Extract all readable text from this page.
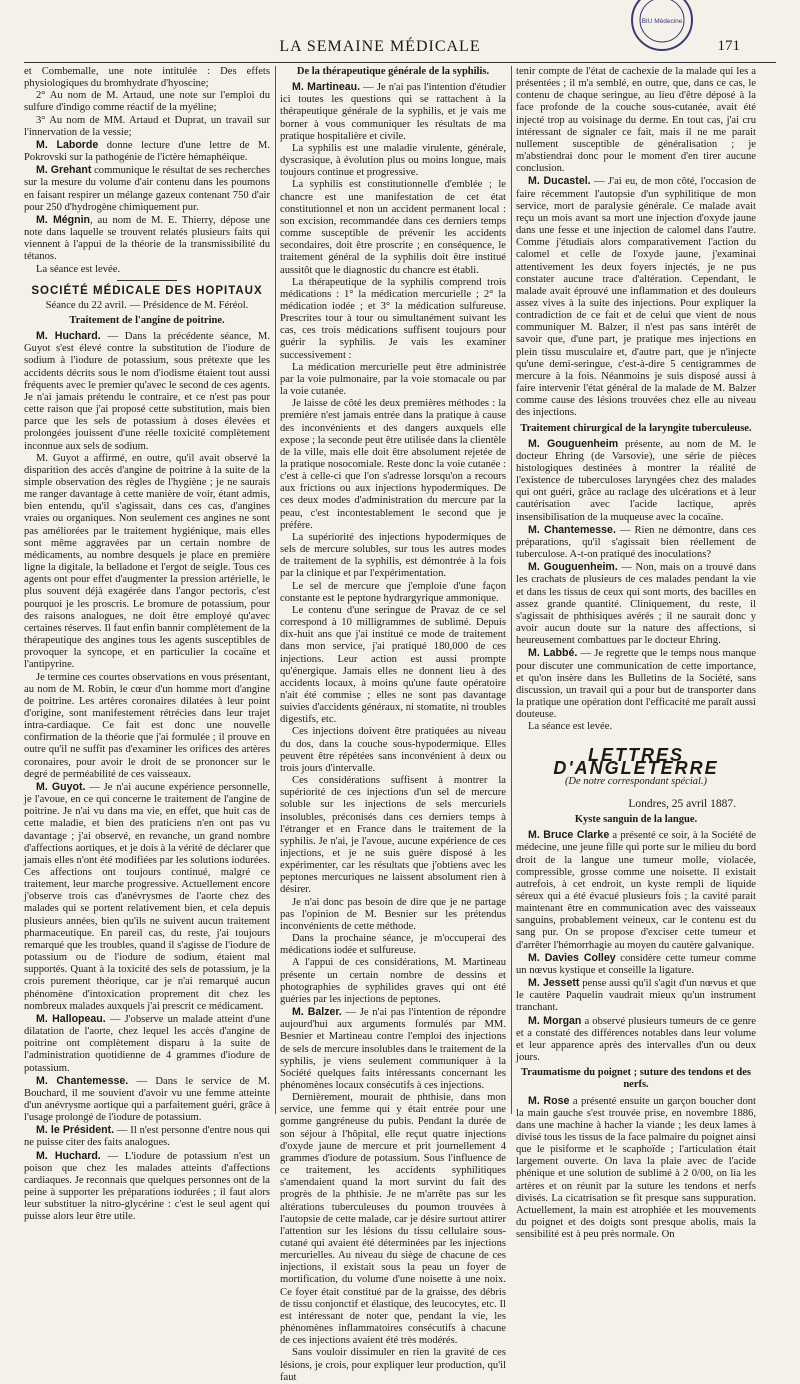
BIU Médecine
LA SEMAINE MÉDICALE	171

et Combemalle, une note intitulée : Des effets physiologiques du bromhydrate d'hyoscine;

2° Au nom de M. Artaud, une note sur l'emploi du sulfure d'indigo comme réactif de la myéline;

3° Au nom de MM. Artaud et Duprat, un travail sur l'innervation de la vessie;

M. Laborde donne lecture d'une lettre de M. Pokrovski sur la pathogénie de l'ictère hémaphéique.

M. Grehant communique le résultat de ses recherches sur la mesure du volume d'air contenu dans les poumons en faisant respirer un mélange gazeux contenant 750 d'air pour 250 d'hydrogène chimiquement pur.

M. Mégnin, au nom de M. E. Thierry, dépose une note dans laquelle se trouvent relatés plusieurs faits qui viennent à l'appui de la théorie de la transmissibilité du tétanos.

La séance est levée.

SOCIÉTÉ MÉDICALE DES HOPITAUX

Séance du 22 avril. — Présidence de M. Féréol.

Traitement de l'angine de poitrine.

M. Huchard. — Dans la précédente séance, M. Guyot s'est élevé contre la substitution de l'iodure de sodium à l'iodure de potassium, sous prétexte que les accidents décrits sous le nom d'iodisme étaient tout aussi fréquents avec le premier qu'avec le second de ces agents. Je n'ai jamais prétendu le contraire, et ce n'est pas pour cette raison que j'ai proposé cette substitution, mais bien parce que les sels de potassium à doses élevées et prolongées jouissent d'une réelle toxicité complètement inconnue aux sels de sodium.

M. Guyot a affirmé, en outre, qu'il avait observé la disparition des accès d'angine de poitrine à la suite de la simple observation des règles de l'hygiène ; je ne saurais me ranger davantage à cette manière de voir, étant admis, bien entendu, qu'il s'agissait, dans ces cas, d'angines vraies ou organiques. Non seulement ces angines ne sont pas améliorées par le traitement hygiénique, mais elles sont même aggravées par un certain nombre de médicaments, au nombre desquels je place en première ligne la digitale, la belladone et l'ergot de seigle. Tous ces agents ont pour effet d'augmenter la pression artérielle, le plus souvent déjà exagérée dans l'angor pectoris, c'est pourquoi je les proscris. Le bromure de potassium, pour des raisons analogues, ne doit être employé qu'avec certaines réserves. Il faut enfin bannir complètement de la thérapeutique des angines tous les agents susceptibles de provoquer la syncope, et en particulier la cocaïne et l'antipyrine.

Je termine ces courtes observations en vous présentant, au nom de M. Robin, le cœur d'un homme mort d'angine de poitrine. Les artères coronaires dilatées à leur point d'origine, sont manifestement rétrécies dans leur trajet intra-cardiaque. Ce fait est donc une nouvelle confirmation de la théorie que j'ai formulée ; il prouve en outre qu'il ne suffit pas d'examiner les orifices des artères coronaires, pour avoir le droit de se prononcer sur le degré de perméabilité de ces vaisseaux.

M. Guyot. — Je n'ai aucune expérience personnelle, je l'avoue, en ce qui concerne le traitement de l'angine de poitrine. Je n'ai vu dans ma vie, en effet, que huit cas de cette maladie, et bien des praticiens n'en ont pas vu davantage ; j'ai observé, en revanche, un grand nombre d'affections aortiques, et je dois à la vérité de déclarer que jamais elles n'ont été modifiées par les solutions iodurées. Ces affections ont toujours continué, malgré ce traitement, leur marche progressive. Actuellement encore j'observe trois cas d'anévrysmes de l'aorte chez des malades qui se portent relativement bien, et cela depuis plusieurs années, bien qu'ils ne suivent aucun traitement pharmaceutique. En pareil cas, du reste, j'ai toujours remarqué que les troubles, quand il s'agisse de l'iodure de potassium ou de l'iodure de sodium, étaient mal supportés. Quant à la toxicité des sels de potassium, je la crois purement théorique, car je n'ai remarqué aucun phénomène d'intoxication proprement dit chez les nombreux malades auxquels j'ai prescrit ce médicament.

M. Hallopeau. — J'observe un malade atteint d'une dilatation de l'aorte, chez lequel les accès d'angine de poitrine ont complètement disparu à la suite de l'administration quotidienne de 4 grammes d'iodure de potassium.

M. Chantemesse. — Dans le service de M. Bouchard, il me souvient d'avoir vu une femme atteinte d'un anévrysme aortique qui a parfaitement guéri, grâce à l'usage prolongé de l'iodure de potassium.

M. le Président. — Il n'est personne d'entre nous qui ne puisse citer des faits analogues.

M. Huchard. — L'iodure de potassium n'est un poison que chez les malades atteints d'affections cardiaques. Je reconnais que quelques personnes ont de la peine à supporter les préparations iodurées ; il faut alors leur substituer la nitro-glycérine : c'est le seul agent qui puisse alors leur être utile.

De la thérapeutique générale de la syphilis.

M. Martineau. — Je n'ai pas l'intention d'étudier ici toutes les questions qui se rattachent à la thérapeutique générale de la syphilis, et je vais me borner à vous communiquer les résultats de ma pratique hospitalière et civile.

La syphilis est une maladie virulente, générale, dyscrasique, à évolution plus ou moins longue, mais toujours continue et progressive.

La syphilis est constitutionnelle d'emblée ; le chancre est une manifestation de cet état constitutionnel et non un accident permanent local : son excision, recommandée dans ces derniers temps comme susceptible de prévenir les accidents secondaires, doit être proscrite ; en conséquence, le traitement général de la syphilis doit être institué aussitôt que le diagnostic du chancre est établi.

La thérapeutique de la syphilis comprend trois médications : 1° la médication mercurielle ; 2° la médication iodée ; et 3° la médication sulfureuse. Prescrites tour à tour ou simultanément suivant les cas, ces trois médications suffisent toujours pour guérir la syphilis. Je vais les examiner successivement :

La médication mercurielle peut être administrée par la voie pulmonaire, par la voie stomacale ou par la voie cutanée.

Je laisse de côté les deux premières méthodes : la première n'est jamais entrée dans la pratique à cause des inconvénients et des dangers auxquels elle expose ; la seconde peut être utilisée dans la clientèle de la ville, mais elle doit être absolument rejetée de la pratique nosocomiale. Reste donc la voie cutanée : c'est à celle-ci que l'on s'adresse lorsqu'on a recours aux frictions ou aux injections hypodermiques. De ces deux modes d'administration du mercure par la peau, c'est incontestablement le second que je préfère.

La supériorité des injections hypodermiques de sels de mercure solubles, sur tous les autres modes de traitement de la syphilis, est démontrée à la fois par la clinique et par l'expérimentation.

Le sel de mercure que j'emploie d'une façon constante est le peptone hydrargyrique ammonique.

Le contenu d'une seringue de Pravaz de ce sel correspond à 10 milligrammes de sublimé. Depuis dix-huit ans que j'ai institué ce mode de traitement dans mon service, j'ai pratiqué 180,000 de ces injections. Leur action est aussi prompte qu'énergique. Jamais elles ne donnent lieu à des accidents locaux, à moins qu'une faute opératoire n'ait été commise ; elles ne sont pas davantage suivies d'accidents généraux, ni stomatite, ni troubles digestifs, etc.

Ces injections doivent être pratiquées au niveau du dos, dans la couche sous-hypodermique. Elles peuvent être répétées sans inconvénient à deux ou trois jours d'intervalle.

Ces considérations suffisent à montrer la supériorité de ces injections d'un sel de mercure soluble sur les injections de sels mercuriels insolubles, préconisés dans ces derniers temps à l'étranger et en France dans le traitement de la syphilis. Je n'ai, je l'avoue, aucune expérience de ces injections, et je ne suis guère disposé à les expérimenter, car les résultats que j'obtiens avec les peptones mercuriques ne laissent absolument rien à désirer.

Je n'ai donc pas besoin de dire que je ne partage pas l'opinion de M. Besnier sur les prétendus inconvénients de cette méthode.

Dans la prochaine séance, je m'occuperai des médications iodée et sulfureuse.

A l'appui de ces considérations, M. Martineau présente un certain nombre de dessins et photographies de syphilides graves qui ont été guéries par les injections de peptones.

M. Balzer. — Je n'ai pas l'intention de répondre aujourd'hui aux arguments formulés par MM. Besnier et Martineau contre l'emploi des injections de sels de mercure insolubles dans le traitement de la syphilis, je viens seulement communiquer à la Société quelques faits intéressants concernant les phénomènes locaux consécutifs à ces injections.

Dernièrement, mourait de phthisie, dans mon service, une femme qui y était entrée pour une gomme gangréneuse du pubis. Pendant la durée de son séjour à l'hôpital, elle reçut quatre injections d'oxyde jaune de mercure et prit journellement 4 grammes d'iodure de potassium. Sous l'influence de ce traitement, les accidents syphilitiques s'amendaient quand la mort survint du fait des progrès de la phthisie. Je ne m'arrête pas sur les altérations tuberculeuses du poumon trouvées à l'autopsie de cette malade, car je désire surtout attirer l'attention sur les lésions du tissu cellulaire sous-cutané qui avaient été déterminées par les injections mercurielles. Au niveau du siège de chacune de ces injections, il existait sous la peau un foyer de mortification, du volume d'une noisette à une noix. Ce foyer était constitué par de la graisse, des débris de tissu conjonctif et élastique, des leucocytes, etc. Il est intéressant de noter que, pendant la vie, les phénomènes inflammatoires consécutifs à chacune de ces injections avaient été très modérés.

Sans vouloir dissimuler en rien la gravité de ces lésions, je crois, pour expliquer leur production, qu'il faut

tenir compte de l'état de cachexie de la malade qui les a présentées ; il m'a semblé, en outre, que, dans ce cas, le contenu de chaque seringue, au lieu d'être déposé à la face profonde de la couche sous-cutanée, avait été injecté trop au voisinage du derme. En tout cas, j'ai cru intéressant de signaler ce fait, mais il ne me parait nullement susceptible de généralisation ; je m'abstiendrai donc pour le moment d'en tirer aucune conclusion.

M. Ducastel. — J'ai eu, de mon côté, l'occasion de faire récemment l'autopsie d'un syphilitique de mon service, mort de paralysie générale. Ce malade avait reçu un mois avant sa mort une injection d'oxyde jaune dans une fesse et une injection de calomel dans l'autre. Comme j'étudiais alors comparativement l'action du calomel et celle de l'oxyde jaune, j'examinai attentivement les deux foyers injectés, je ne pus constater aucune trace d'altération. Cependant, le malade avait éprouvé une inflammation et des douleurs assez vives à la suite des injections. Pour expliquer la contradiction de ce fait et de celui que vient de nous communiquer M. Balzer, il n'est pas sans intérêt de savoir que, d'une part, je pratique mes injections en plein tissu musculaire et, d'autre part, que je n'injecte qu'une demi-seringue, c'est-à-dire 5 centigrammes de mercure à la fois. Néanmoins je suis disposé aussi à faire intervenir l'état général de la malade de M. Balzer comme cause des lésions trouvées chez elle au niveau des injections.

Traitement chirurgical de la laryngite tuberculeuse.

M. Gouguenheim présente, au nom de M. le docteur Ehring (de Varsovie), une série de pièces histologiques destinées à montrer la réalité de l'existence de tuberculoses laryngées chez des malades qui ont guéri, grâce au raclage des ulcérations et à leur cautérisation avec l'acide lactique, après insensibilisation de la muqueuse avec la cocaïne.

M. Chantemesse. — Rien ne démontre, dans ces préparations, qu'il s'agissait bien réellement de tuberculose. A-t-on pratiqué des inoculations?

M. Gouguenheim. — Non, mais on a trouvé dans les crachats de plusieurs de ces malades pendant la vie et dans les tissus de ceux qui sont morts, des bacilles en assez grande quantité. Cliniquement, du reste, il s'agissait de phthisiques avérés ; il ne saurait donc y avoir aucun doute sur la nature des affections, si heureusement combattues par le docteur Ehring.

M. Labbé. — Je regrette que le temps nous manque pour discuter une communication de cette importance, et qu'on insère dans les Bulletins de la Société, sans discussion, un travail qui a pour but de transporter dans la pratique une opération dont l'efficacité me paraît aussi douteuse.

La séance est levée.

LETTRES D'ANGLETERRE
(De notre correspondant spécial.)
Londres, 25 avril 1887.
Kyste sanguin de la langue.

M. Bruce Clarke a présenté ce soir, à la Société de médecine, une jeune fille qui porte sur le milieu du bord droit de la langue une tumeur molle, violacée, compressible, grosse comme une noisette. Il existait autrefois, à cet endroit, un kyste rempli de liquide séreux qui a été évacué plusieurs fois ; la cavité parait maintenant être en communication avec des vaisseaux sanguins, probablement veineux, car le contenu est du sang pur. On se propose d'exciser cette tumeur et d'arrêter l'hémorrhagie au moyen du cautère galvanique.

M. Davies Colley considère cette tumeur comme un nœvus kystique et conseille la ligature.

M. Jessett pense aussi qu'il s'agit d'un nœvus et que le cautère Paquelin vaudrait mieux qu'un instrument tranchant.

M. Morgan a observé plusieurs tumeurs de ce genre et a constaté des différences notables dans leur volume et leur apparence après des intervalles d'un ou deux jours.

Traumatisme du poignet ; suture des tendons et des nerfs.

M. Rose a présenté ensuite un garçon boucher dont la main gauche s'est trouvée prise, en novembre 1886, dans une machine à hacher la viande ; les deux lames à divisé tous les tissus de la face palmaire du poignet ainsi que le pisiforme et le scaphoïde ; l'articulation était largement ouverte. On lava la plaie avec de l'acide phénique et une solution de sublimé à 2 0/00, on lia les artères et on réunit par la suture les tendons et nerfs divisés. La cicatrisation se fit presque sans suppuration. Actuellement, la main est atrophiée et les mouvements du poignet et des doigts sont presque abolis, mais la sensibilité est à peu près normale. On
